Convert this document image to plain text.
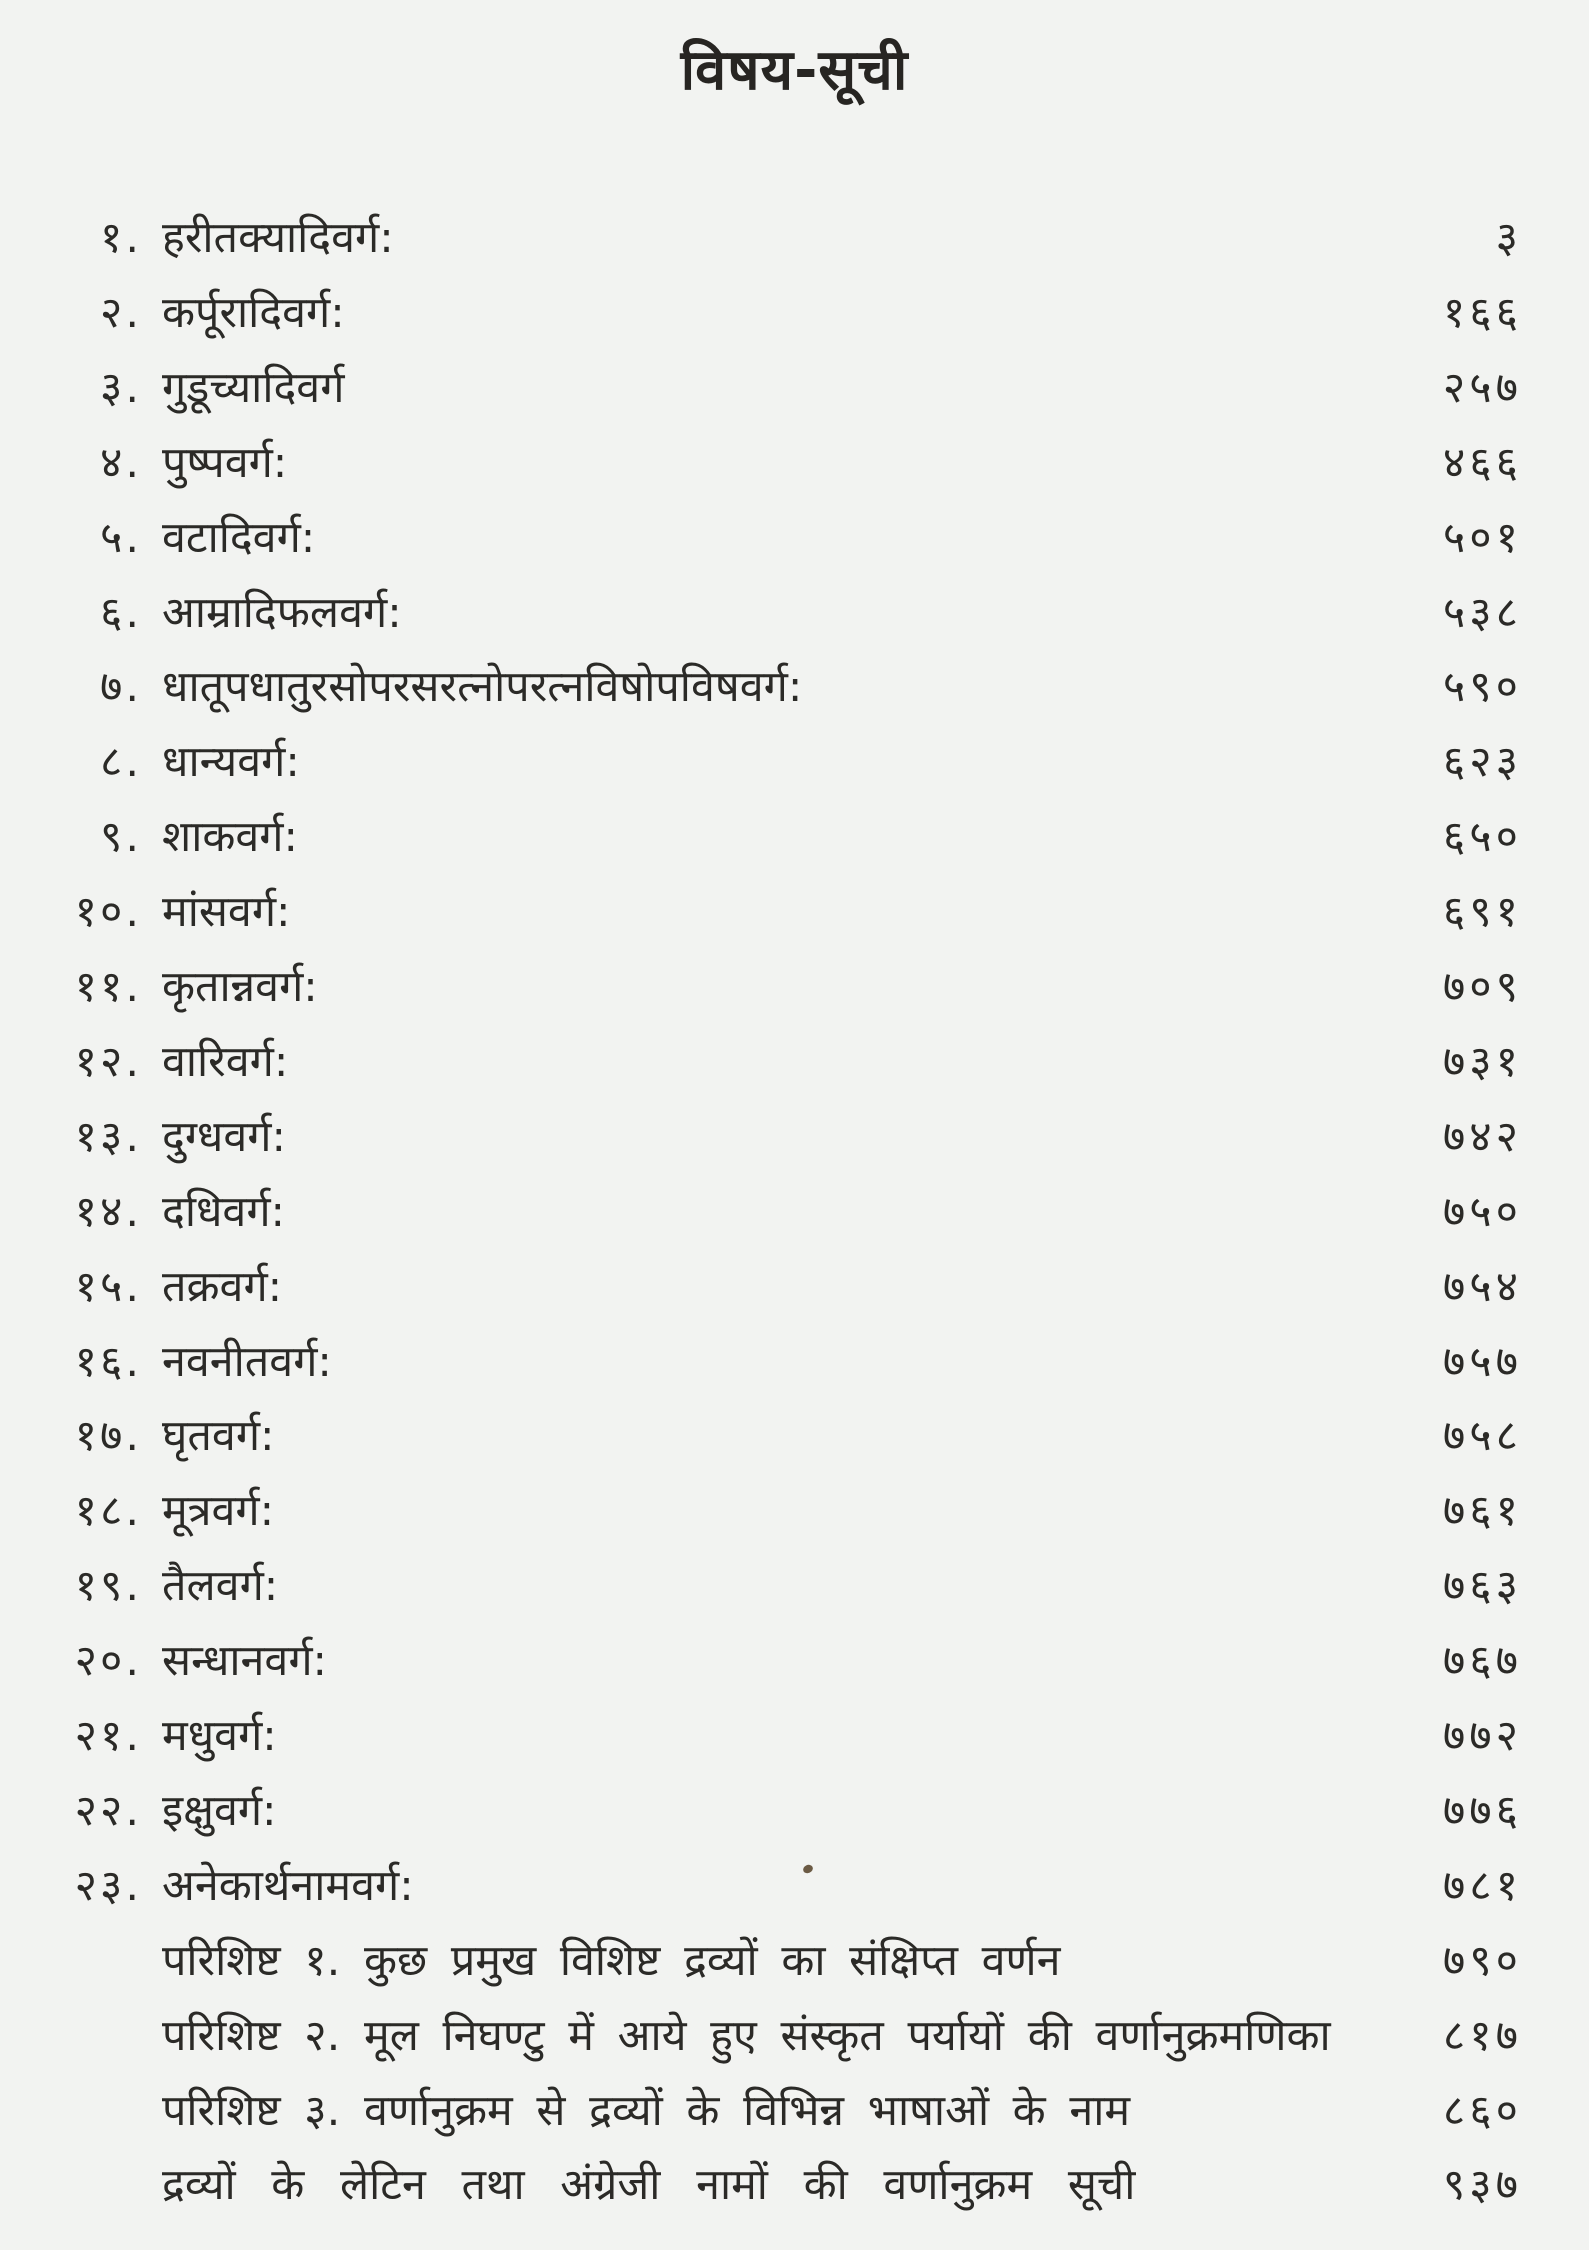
विषय-सूची
१. हरीतक्यादिवर्ग:	३
२. कर्पूरादिवर्ग:	१६६
३. गुडूच्यादिवर्ग	२५७
४. पुष्पवर्ग:	४६६
५. वटादिवर्ग:	५०१
६. आम्रादिफलवर्ग:	५३८
७. धातूपधातुरसोपरसरत्नोपरत्नविषोपविषवर्ग:	५९०
८. धान्यवर्ग:	६२३
९. शाकवर्ग:	६५०
१०. मांसवर्ग:	६९१
११. कृतान्नवर्ग:	७०९
१२. वारिवर्ग:	७३१
१३. दुग्धवर्ग:	७४२
१४. दधिवर्ग:	७५०
१५. तक्रवर्ग:	७५४
१६. नवनीतवर्ग:	७५७
१७. घृतवर्ग:	७५८
१८. मूत्रवर्ग:	७६१
१९. तैलवर्ग:	७६३
२०. सन्धानवर्ग:	७६७
२१. मधुवर्ग:	७७२
२२. इक्षुवर्ग:	७७६
२३. अनेकार्थनामवर्ग:	७८१
परिशिष्ट १. कुछ प्रमुख विशिष्ट द्रव्यों का संक्षिप्त वर्णन	७९०
परिशिष्ट २. मूल निघण्टु में आये हुए संस्कृत पर्यायों की वर्णानुक्रमणिका	८१७
परिशिष्ट ३. वर्णानुक्रम से द्रव्यों के विभिन्न भाषाओं के नाम	८६०
द्रव्यों के लेटिन तथा अंग्रेजी नामों की वर्णानुक्रम सूची	९३७
